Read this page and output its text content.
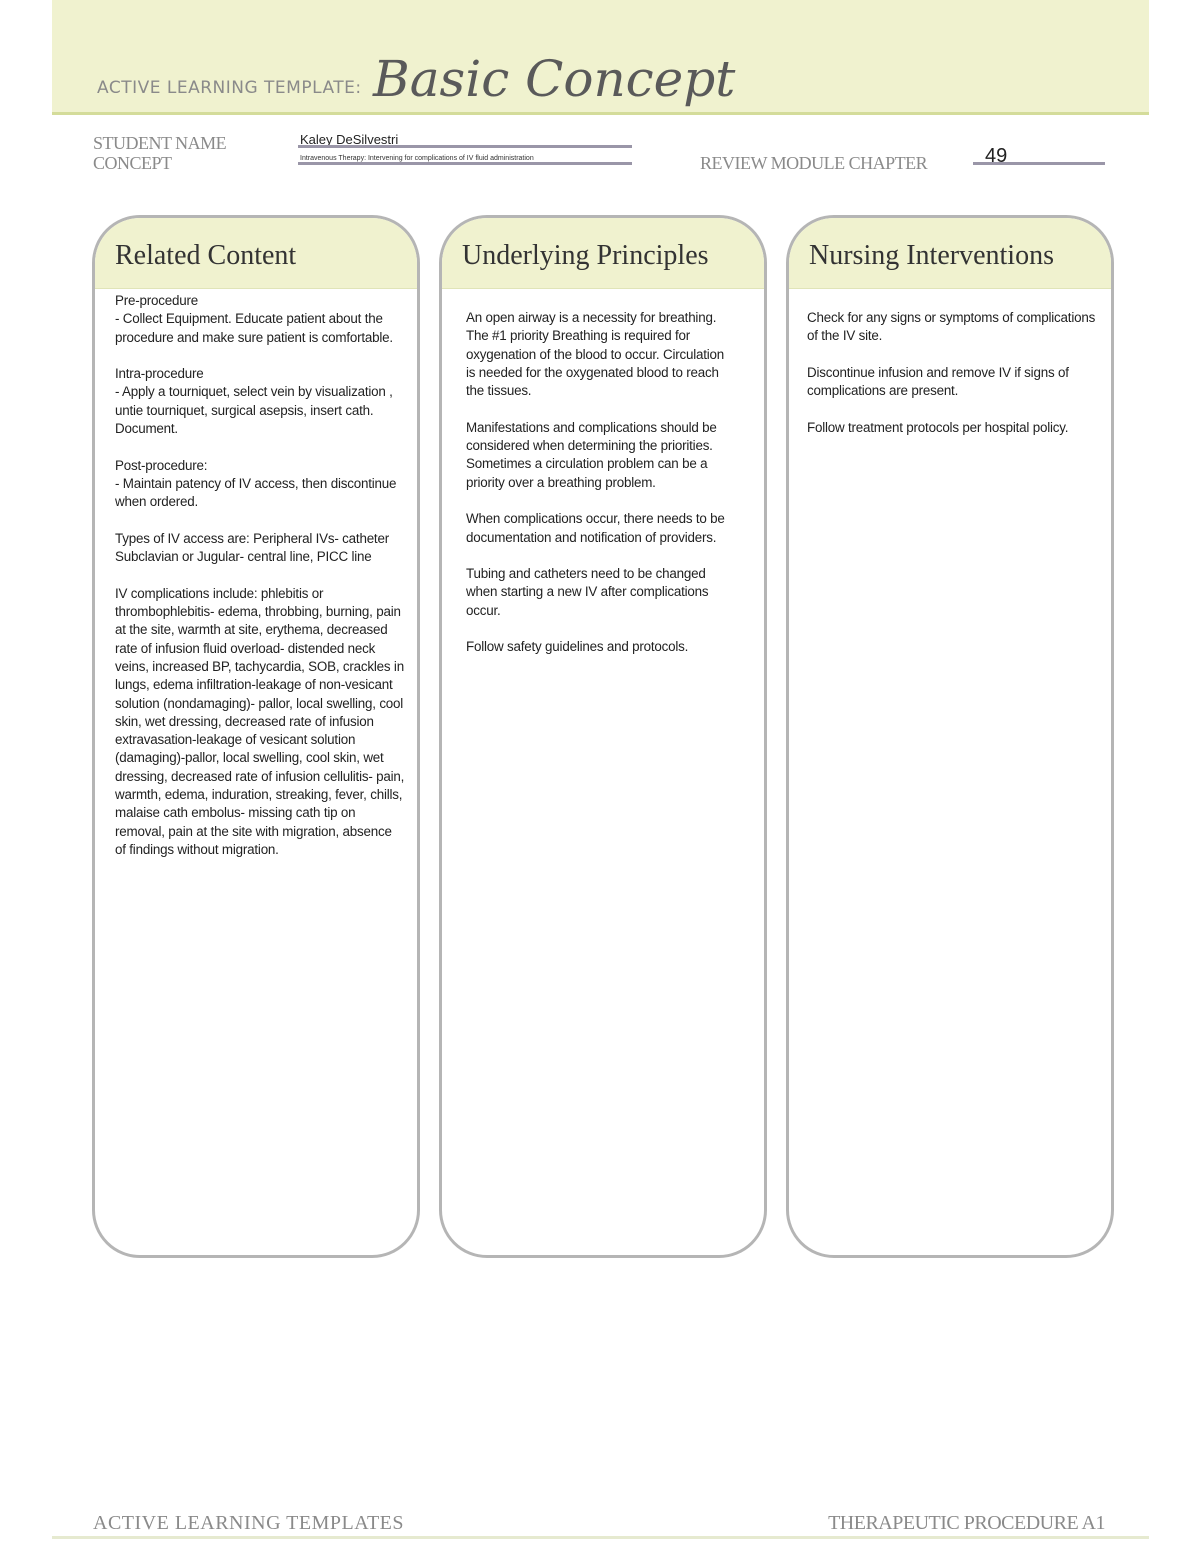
ACTIVE LEARNING TEMPLATE: Basic Concept
STUDENT NAME	Kaley DeSilvestri
CONCEPT	Intravenous Therapy: Intervening for complications of IV fluid administration	REVIEW MODULE CHAPTER	49
Related Content

Pre-procedure
- Collect Equipment. Educate patient about the procedure and make sure patient is comfortable.

Intra-procedure
- Apply a tourniquet, select vein by visualization , untie tourniquet, surgical asepsis, insert cath. Document.

Post-procedure:
- Maintain patency of IV access, then discontinue when ordered.

Types of IV access are: Peripheral IVs- catheter Subclavian or Jugular- central line, PICC line

IV complications include: phlebitis or thrombophlebitis- edema, throbbing, burning, pain at the site, warmth at site, erythema, decreased rate of infusion fluid overload- distended neck veins, increased BP, tachycardia, SOB, crackles in lungs, edema infiltration-leakage of non-vesicant solution (nondamaging)- pallor, local swelling, cool skin, wet dressing, decreased rate of infusion extravasation-leakage of vesicant solution (damaging)-pallor, local swelling, cool skin, wet dressing, decreased rate of infusion cellulitis- pain, warmth, edema, induration, streaking, fever, chills, malaise cath embolus- missing cath tip on removal, pain at the site with migration, absence of findings without migration.

Underlying Principles

An open airway is a necessity for breathing. The #1 priority Breathing is required for oxygenation of the blood to occur. Circulation is needed for the oxygenated blood to reach the tissues.

Manifestations and complications should be considered when determining the priorities. Sometimes a circulation problem can be a priority over a breathing problem.

When complications occur, there needs to be documentation and notification of providers.

Tubing and catheters need to be changed when starting a new IV after complications occur.

Follow safety guidelines and protocols.

Nursing Interventions

Check for any signs or symptoms of complications of the IV site.

Discontinue infusion and remove IV if signs of complications are present.

Follow treatment protocols per hospital policy.

ACTIVE LEARNING TEMPLATES	THERAPEUTIC PROCEDURE A1
